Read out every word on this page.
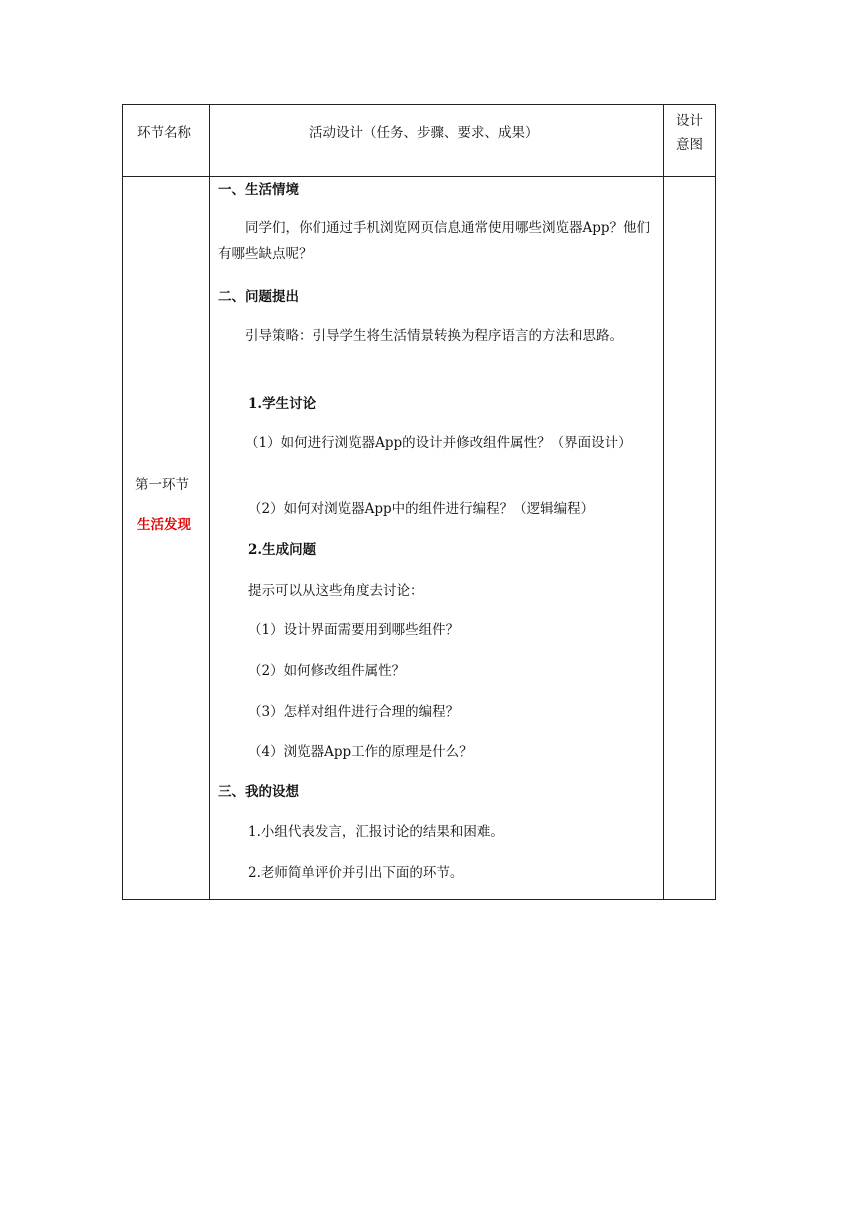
环节名称	活动设计（任务、步骤、要求、成果）
设计
意图
第一环节
生活发现
一、生活情境
同学们，你们通过手机浏览网页信息通常使用哪些浏览器App？他们有哪些缺点呢？
二、问题提出
引导策略：引导学生将生活情景转换为程序语言的方法和思路。
1.学生讨论
（1）如何进行浏览器App的设计并修改组件属性？（界面设计）
（2）如何对浏览器App中的组件进行编程？（逻辑编程）
2.生成问题
提示可以从这些角度去讨论：
（1）设计界面需要用到哪些组件？
（2）如何修改组件属性？
（3）怎样对组件进行合理的编程？
（4）浏览器App工作的原理是什么？
三、我的设想
1.小组代表发言，汇报讨论的结果和困难。
2.老师简单评价并引出下面的环节。
